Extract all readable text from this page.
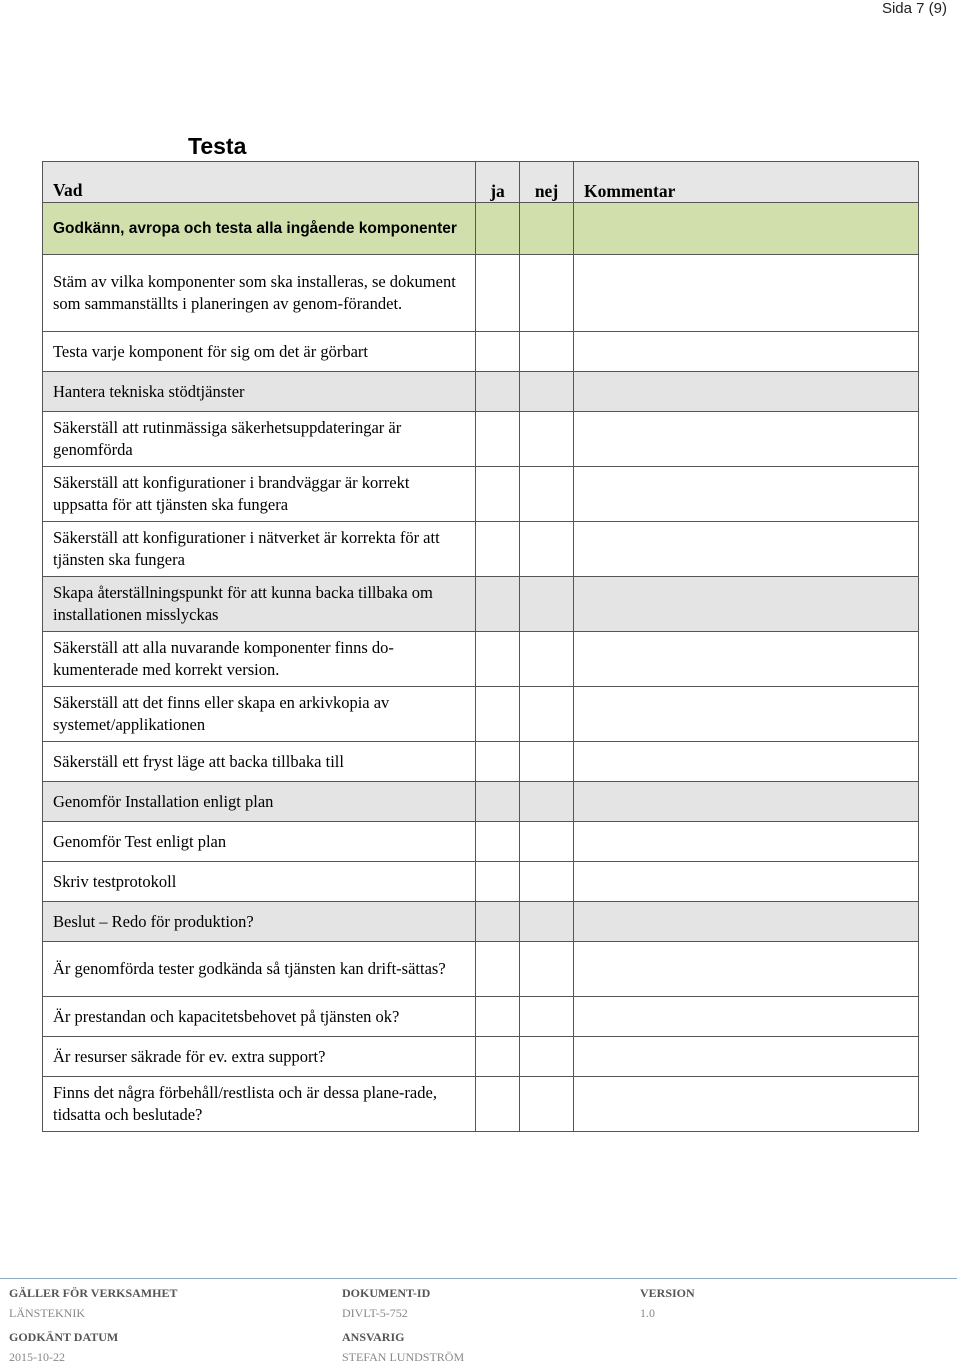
Sida 7 (9)
Testa
Vad	ja	nej	Kommentar
Godkänn, avropa och testa alla ingående komponenter			
Stäm av vilka komponenter som ska installeras, se dokument som sammanställts i planeringen av genom-förandet.			
Testa varje komponent för sig om det är görbart			
Hantera tekniska stödtjänster			
Säkerställ att rutinmässiga säkerhetsuppdateringar är genomförda			
Säkerställ att konfigurationer i brandväggar är korrekt uppsatta för att tjänsten ska fungera			
Säkerställ att konfigurationer i nätverket är korrekta för att tjänsten ska fungera			
Skapa återställningspunkt för att kunna backa tillbaka om installationen misslyckas			
Säkerställ att alla nuvarande komponenter finns do-kumenterade med korrekt version.			
Säkerställ att det finns eller skapa en arkivkopia av systemet/applikationen			
Säkerställ ett fryst läge att backa tillbaka till			
Genomför Installation enligt plan			
Genomför Test enligt plan			
Skriv testprotokoll			
Beslut – Redo för produktion?			
Är genomförda tester godkända så tjänsten kan drift-sättas?			
Är prestandan och kapacitetsbehovet på tjänsten ok?			
Är resurser säkrade för ev. extra support?			
Finns det några förbehåll/restlista och är dessa plane-rade, tidsatta och beslutade?			
GÄLLER FÖR VERKSAMHET
LÄNSTEKNIK
DOKUMENT-ID
DIVLT-5-752
VERSION
1.0
GODKÄNT DATUM
2015-10-22
ANSVARIG
STEFAN LUNDSTRÖM
